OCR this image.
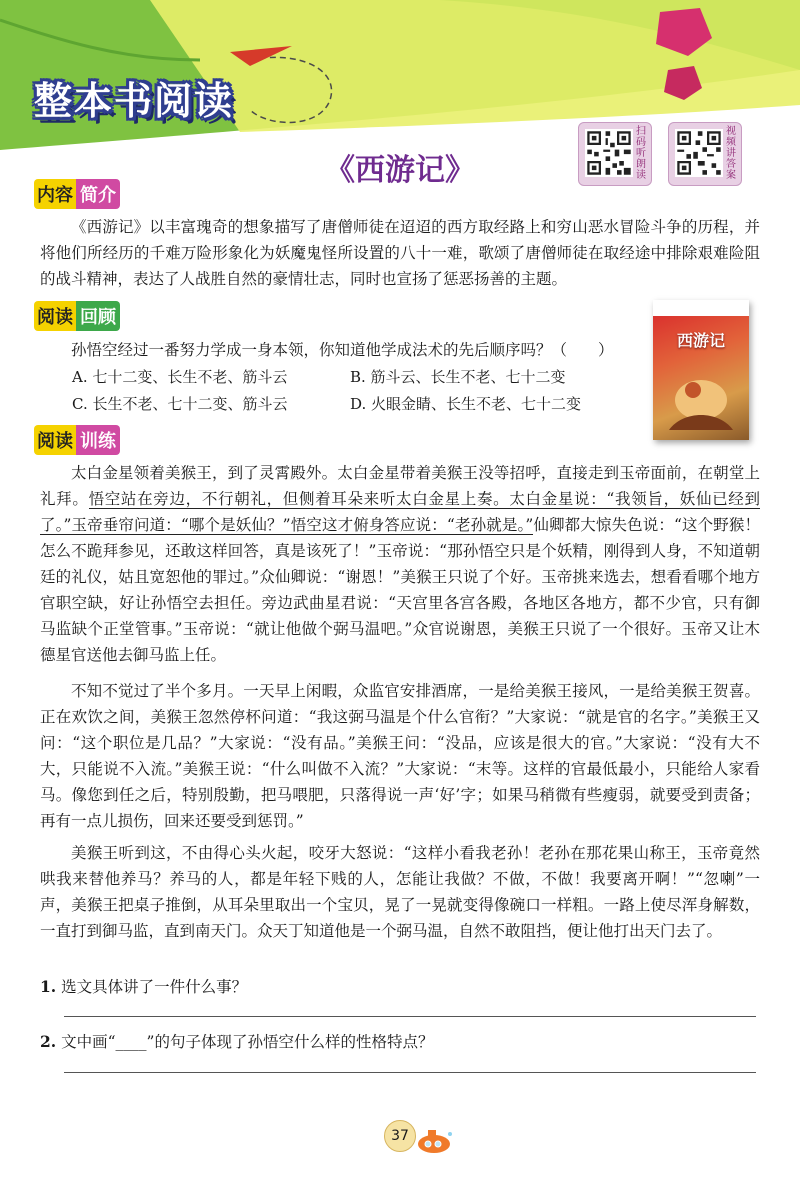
整本书阅读
扫码听朗读
视频讲答案
《西游记》
内容 简介
《西游记》以丰富瑰奇的想象描写了唐僧师徒在迢迢的西方取经路上和穷山恶水冒险斗争的历程，并将他们所经历的千难万险形象化为妖魔鬼怪所设置的八十一难，歌颂了唐僧师徒在取经途中排除艰难险阻的战斗精神，表达了人战胜自然的豪情壮志，同时也宣扬了惩恶扬善的主题。
阅读 回顾
孙悟空经过一番努力学成一身本领，你知道他学成法术的先后顺序吗？（　　）
A. 七十二变、长生不老、筋斗云	B. 筋斗云、长生不老、七十二变
C. 长生不老、七十二变、筋斗云	D. 火眼金睛、长生不老、七十二变
西游记
阅读 训练
太白金星领着美猴王，到了灵霄殿外。太白金星带着美猴王没等招呼，直接走到玉帝面前，在朝堂上礼拜。悟空站在旁边，不行朝礼，但侧着耳朵来听太白金星上奏。太白金星说：“我领旨，妖仙已经到了。”玉帝垂帘问道：“哪个是妖仙？”悟空这才俯身答应说：“老孙就是。”仙卿都大惊失色说：“这个野猴！怎么不跪拜参见，还敢这样回答，真是该死了！”玉帝说：“那孙悟空只是个妖精，刚得到人身，不知道朝廷的礼仪，姑且宽恕他的罪过。”众仙卿说：“谢恩！”美猴王只说了个好。玉帝挑来选去，想看看哪个地方官职空缺，好让孙悟空去担任。旁边武曲星君说：“天宫里各宫各殿，各地区各地方，都不少官，只有御马监缺个正堂管事。”玉帝说：“就让他做个弼马温吧。”众官说谢恩，美猴王只说了一个很好。玉帝又让木德星官送他去御马监上任。
不知不觉过了半个多月。一天早上闲暇，众监官安排酒席，一是给美猴王接风，一是给美猴王贺喜。正在欢饮之间，美猴王忽然停杯问道：“我这弼马温是个什么官衔？”大家说：“就是官的名字。”美猴王又问：“这个职位是几品？”大家说：“没有品。”美猴王问：“没品，应该是很大的官。”大家说：“没有大不大，只能说不入流。”美猴王说：“什么叫做不入流？”大家说：“末等。这样的官最低最小，只能给人家看马。像您到任之后，特别殷勤，把马喂肥，只落得说一声‘好’字；如果马稍微有些瘦弱，就要受到责备；再有一点儿损伤，回来还要受到惩罚。”
美猴王听到这，不由得心头火起，咬牙大怒说：“这样小看我老孙！老孙在那花果山称王，玉帝竟然哄我来替他养马？养马的人，都是年轻下贱的人，怎能让我做？不做，不做！我要离开啊！”“忽喇”一声，美猴王把桌子推倒，从耳朵里取出一个宝贝，晃了一晃就变得像碗口一样粗。一路上使尽浑身解数，一直打到御马监，直到南天门。众天丁知道他是一个弼马温，自然不敢阻挡，便让他打出天门去了。
1. 选文具体讲了一件什么事？
2. 文中画“____”的句子体现了孙悟空什么样的性格特点？
37
